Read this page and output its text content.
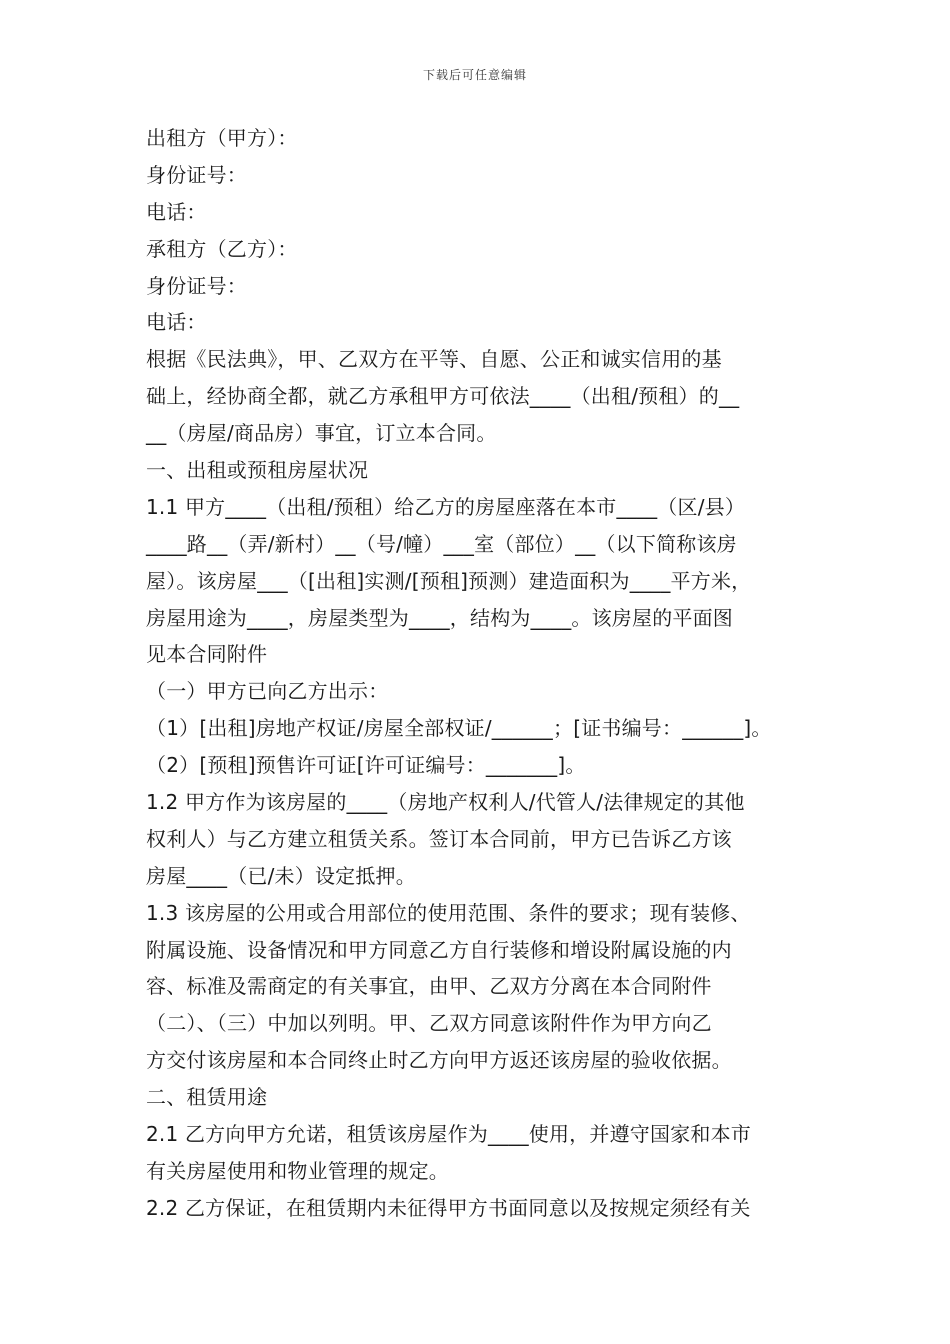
下载后可任意编辑
出租方（甲方）：
身份证号：
电话：
承租方（乙方）：
身份证号：
电话：
根据《民法典》，甲、乙双方在平等、自愿、公正和诚实信用的基
础上，经协商全都，就乙方承租甲方可依法____（出租/预租）的__
__（房屋/商品房）事宜，订立本合同。
一、出租或预租房屋状况
1.1 甲方____（出租/预租）给乙方的房屋座落在本市____（区/县）
____路__（弄/新村）__（号/幢）___室（部位）__（以下简称该房
屋）。该房屋___（[出租]实测/[预租]预测）建造面积为____平方米，
房屋用途为____，房屋类型为____，结构为____。该房屋的平面图
见本合同附件
（一）甲方已向乙方出示：
（1）[出租]房地产权证/房屋全部权证/______；[证书编号：______]。
（2）[预租]预售许可证[许可证编号：_______]。
1.2 甲方作为该房屋的____（房地产权利人/代管人/法律规定的其他
权利人）与乙方建立租赁关系。签订本合同前，甲方已告诉乙方该
房屋____（已/未）设定抵押。
1.3 该房屋的公用或合用部位的使用范围、条件的要求；现有装修、
附属设施、设备情况和甲方同意乙方自行装修和增设附属设施的内
容、标准及需商定的有关事宜，由甲、乙双方分离在本合同附件
（二）、（三）中加以列明。甲、乙双方同意该附件作为甲方向乙
方交付该房屋和本合同终止时乙方向甲方返还该房屋的验收依据。
二、租赁用途
2.1 乙方向甲方允诺，租赁该房屋作为____使用，并遵守国家和本市
有关房屋使用和物业管理的规定。
2.2 乙方保证，在租赁期内未征得甲方书面同意以及按规定须经有关
